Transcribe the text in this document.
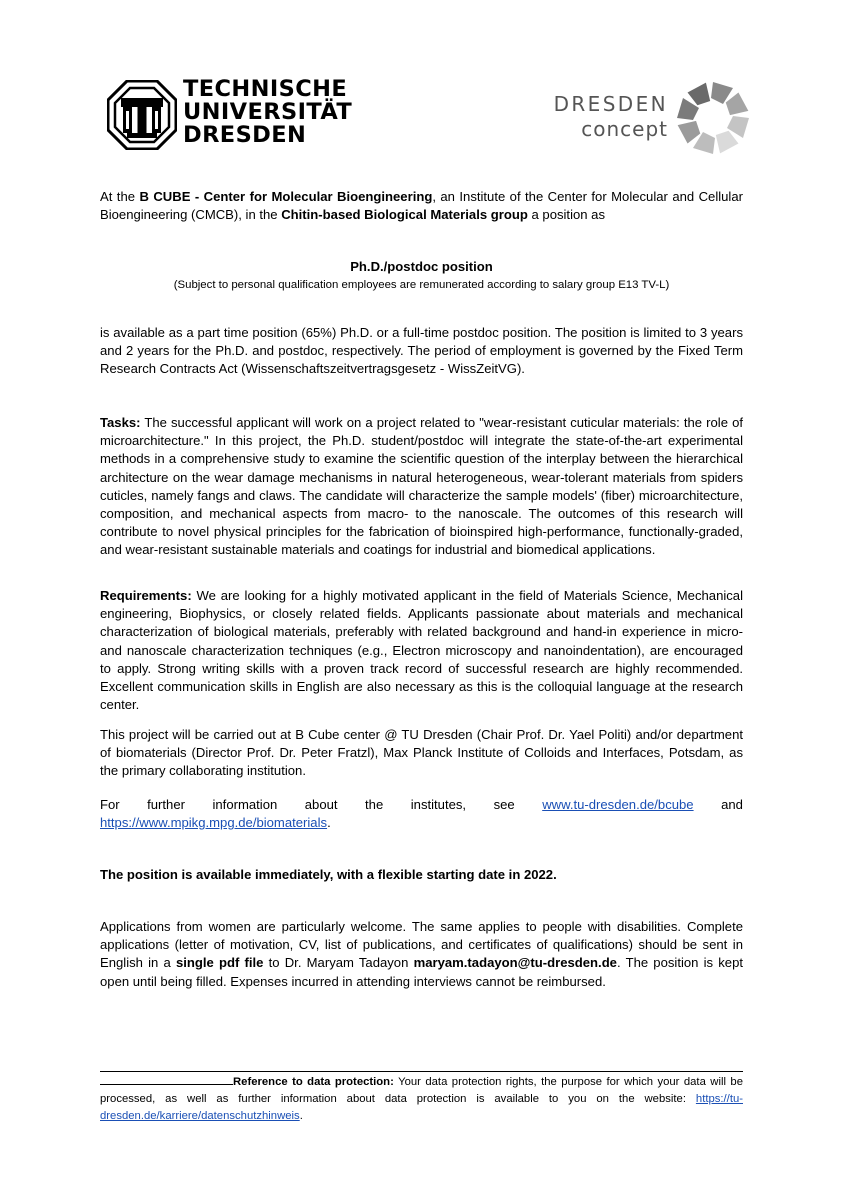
TECHNISCHE
UNIVERSITÄT
DRESDEN
DRESDEN
concept
At the B CUBE - Center for Molecular Bioengineering, an Institute of the Center for Molecular and Cellular Bioengineering (CMCB), in the Chitin-based Biological Materials group a position as
Ph.D./postdoc position
(Subject to personal qualification employees are remunerated according to salary group E13 TV-L)
is available as a part time position (65%) Ph.D. or a full-time postdoc position. The position is limited to 3 years and 2 years for the Ph.D. and postdoc, respectively. The period of employment is governed by the Fixed Term Research Contracts Act (Wissenschaftszeitvertragsgesetz - WissZeitVG).
Tasks: The successful applicant will work on a project related to "wear-resistant cuticular materials: the role of microarchitecture." In this project, the Ph.D. student/postdoc will integrate the state-of-the-art experimental methods in a comprehensive study to examine the scientific question of the interplay between the hierarchical architecture on the wear damage mechanisms in natural heterogeneous, wear-tolerant materials from spiders cuticles, namely fangs and claws. The candidate will characterize the sample models' (fiber) microarchitecture, composition, and mechanical aspects from macro- to the nanoscale. The outcomes of this research will contribute to novel physical principles for the fabrication of bioinspired high-performance, functionally-graded, and wear-resistant sustainable materials and coatings for industrial and biomedical applications.
Requirements: We are looking for a highly motivated applicant in the field of Materials Science, Mechanical engineering, Biophysics, or closely related fields. Applicants passionate about materials and mechanical characterization of biological materials, preferably with related background and hand-in experience in micro-and nanoscale characterization techniques (e.g., Electron microscopy and nanoindentation), are encouraged to apply. Strong writing skills with a proven track record of successful research are highly recommended. Excellent communication skills in English are also necessary as this is the colloquial language at the research center.
This project will be carried out at B Cube center @ TU Dresden (Chair Prof. Dr. Yael Politi) and/or department of biomaterials (Director Prof. Dr. Peter Fratzl), Max Planck Institute of Colloids and Interfaces, Potsdam, as the primary collaborating institution.
For further information about the institutes, see www.tu-dresden.de/bcube and
https://www.mpikg.mpg.de/biomaterials.
The position is available immediately, with a flexible starting date in 2022.
Applications from women are particularly welcome. The same applies to people with disabilities. Complete applications (letter of motivation, CV, list of publications, and certificates of qualifications) should be sent in English in a single pdf file to Dr. Maryam Tadayon maryam.tadayon@tu-dresden.de. The position is kept open until being filled. Expenses incurred in attending interviews cannot be reimbursed.
Reference to data protection: Your data protection rights, the purpose for which your data will be processed, as well as further information about data protection is available to you on the website: https://tu-dresden.de/karriere/datenschutzhinweis.
